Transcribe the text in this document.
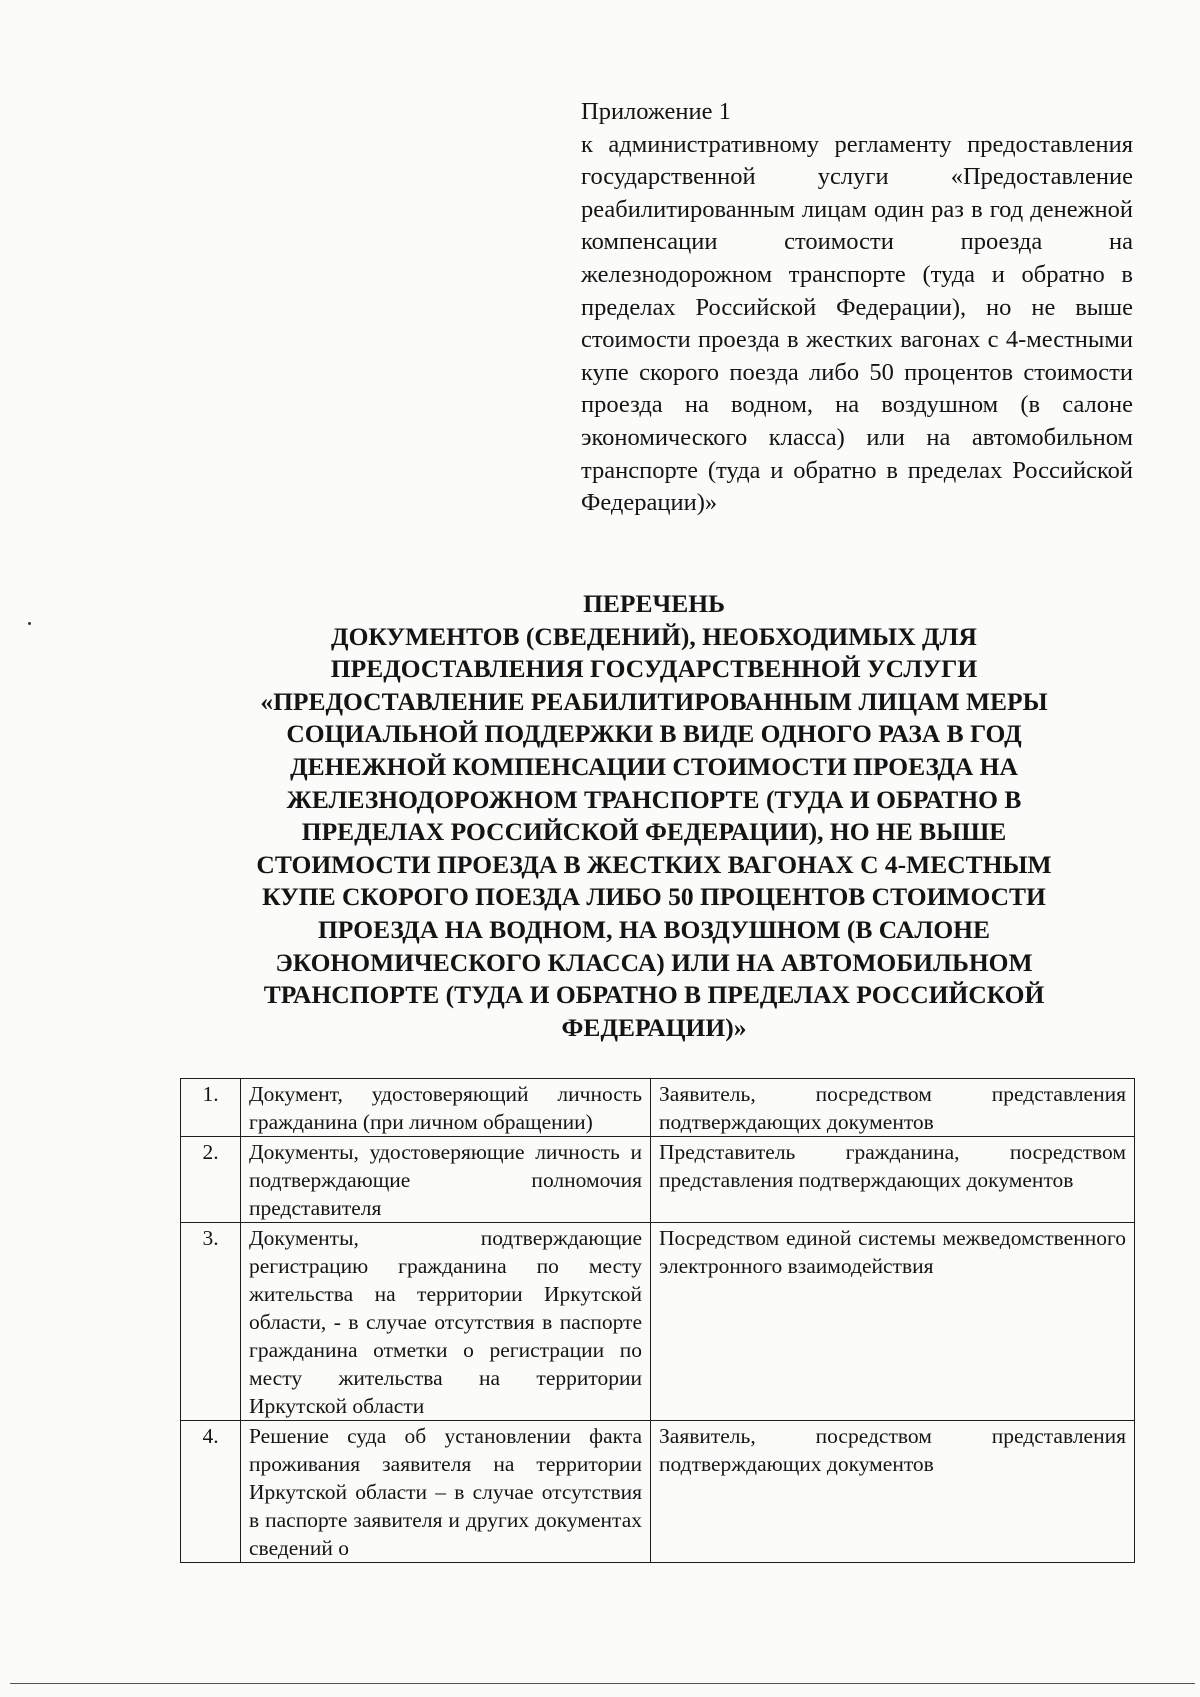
Приложение 1
к административному регламенту предоставления государственной услуги «Предоставление реабилитированным лицам один раз в год денежной компенсации стоимости проезда на железнодорожном транспорте (туда и обратно в пределах Российской Федерации), но не выше стоимости проезда в жестких вагонах с 4-местными купе скорого поезда либо 50 процентов стоимости проезда на водном, на воздушном (в салоне экономического класса) или на автомобильном транспорте (туда и обратно в пределах Российской Федерации)»
ПЕРЕЧЕНЬ
ДОКУМЕНТОВ (СВЕДЕНИЙ), НЕОБХОДИМЫХ ДЛЯ
ПРЕДОСТАВЛЕНИЯ ГОСУДАРСТВЕННОЙ УСЛУГИ
«ПРЕДОСТАВЛЕНИЕ РЕАБИЛИТИРОВАННЫМ ЛИЦАМ МЕРЫ
СОЦИАЛЬНОЙ ПОДДЕРЖКИ В ВИДЕ ОДНОГО РАЗА В ГОД
ДЕНЕЖНОЙ КОМПЕНСАЦИИ СТОИМОСТИ ПРОЕЗДА НА
ЖЕЛЕЗНОДОРОЖНОМ ТРАНСПОРТЕ (ТУДА И ОБРАТНО В
ПРЕДЕЛАХ РОССИЙСКОЙ ФЕДЕРАЦИИ), НО НЕ ВЫШЕ
СТОИМОСТИ ПРОЕЗДА В ЖЕСТКИХ ВАГОНАХ С 4-МЕСТНЫМ
КУПЕ СКОРОГО ПОЕЗДА ЛИБО 50 ПРОЦЕНТОВ СТОИМОСТИ
ПРОЕЗДА НА ВОДНОМ, НА ВОЗДУШНОМ (В САЛОНЕ
ЭКОНОМИЧЕСКОГО КЛАССА) ИЛИ НА АВТОМОБИЛЬНОМ
ТРАНСПОРТЕ (ТУДА И ОБРАТНО В ПРЕДЕЛАХ РОССИЙСКОЙ
ФЕДЕРАЦИИ)»
1.	Документ, удостоверяющий личность гражданина (при личном обращении)	Заявитель, посредством представления подтверждающих документов
2.	Документы, удостоверяющие личность и подтверждающие полномочия представителя	Представитель гражданина, посредством представления подтверждающих документов
3.	Документы, подтверждающие регистрацию гражданина по месту жительства на территории Иркутской области, - в случае отсутствия в паспорте гражданина отметки о регистрации по месту жительства на территории Иркутской области	Посредством единой системы межведомственного электронного взаимодействия
4.	Решение суда об установлении факта проживания заявителя на территории Иркутской области – в случае отсутствия в паспорте заявителя и других документах сведений о	Заявитель, посредством представления подтверждающих документов
